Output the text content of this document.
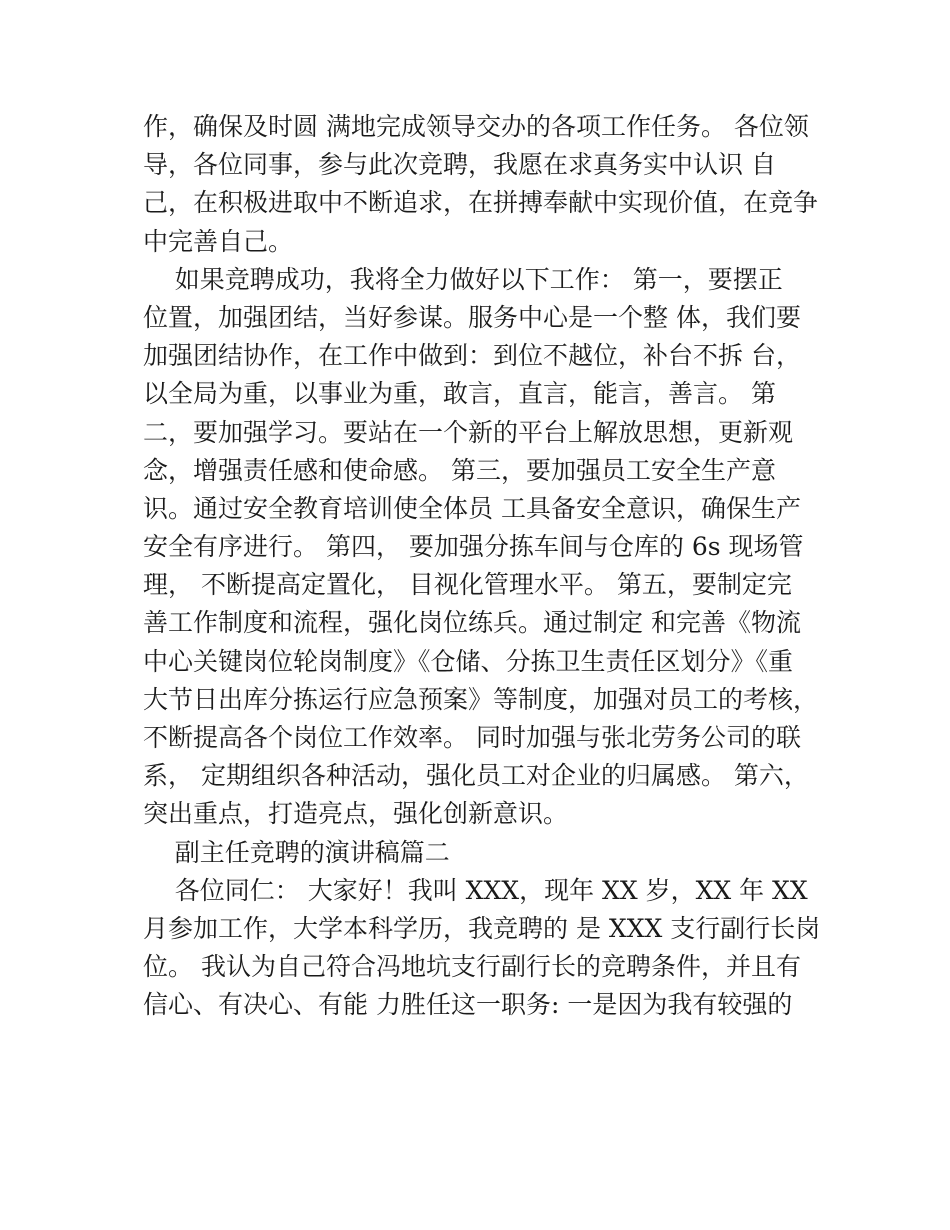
作，确保及时圆 满地完成领导交办的各项工作任务。 各位领
导，各位同事，参与此次竞聘，我愿在求真务实中认识 自
己，在积极进取中不断追求，在拼搏奉献中实现价值，在竞争
中完善自己。
如果竞聘成功，我将全力做好以下工作： 第一，要摆正
位置，加强团结，当好参谋。服务中心是一个整 体，我们要
加强团结协作，在工作中做到：到位不越位，补台不拆 台，
以全局为重，以事业为重，敢言，直言，能言，善言。 第
二，要加强学习。要站在一个新的平台上解放思想，更新观
念，增强责任感和使命感。 第三，要加强员工安全生产意
识。通过安全教育培训使全体员 工具备安全意识，确保生产
安全有序进行。 第四， 要加强分拣车间与仓库的 6s 现场管
理， 不断提高定置化， 目视化管理水平。 第五，要制定完
善工作制度和流程，强化岗位练兵。通过制定 和完善《物流
中心关键岗位轮岗制度》《仓储、分拣卫生责任区划分》《重
大节日出库分拣运行应急预案》等制度，加强对员工的考核，
不断提高各个岗位工作效率。 同时加强与张北劳务公司的联
系， 定期组织各种活动，强化员工对企业的归属感。 第六，
突出重点，打造亮点，强化创新意识。
副主任竞聘的演讲稿篇二
各位同仁： 大家好！我叫 XXX，现年 XX 岁，XX 年 XX
月参加工作，大学本科学历，我竞聘的 是 XXX 支行副行长岗
位。 我认为自己符合冯地坑支行副行长的竞聘条件，并且有
信心、有决心、有能 力胜任这一职务: 一是因为我有较强的
